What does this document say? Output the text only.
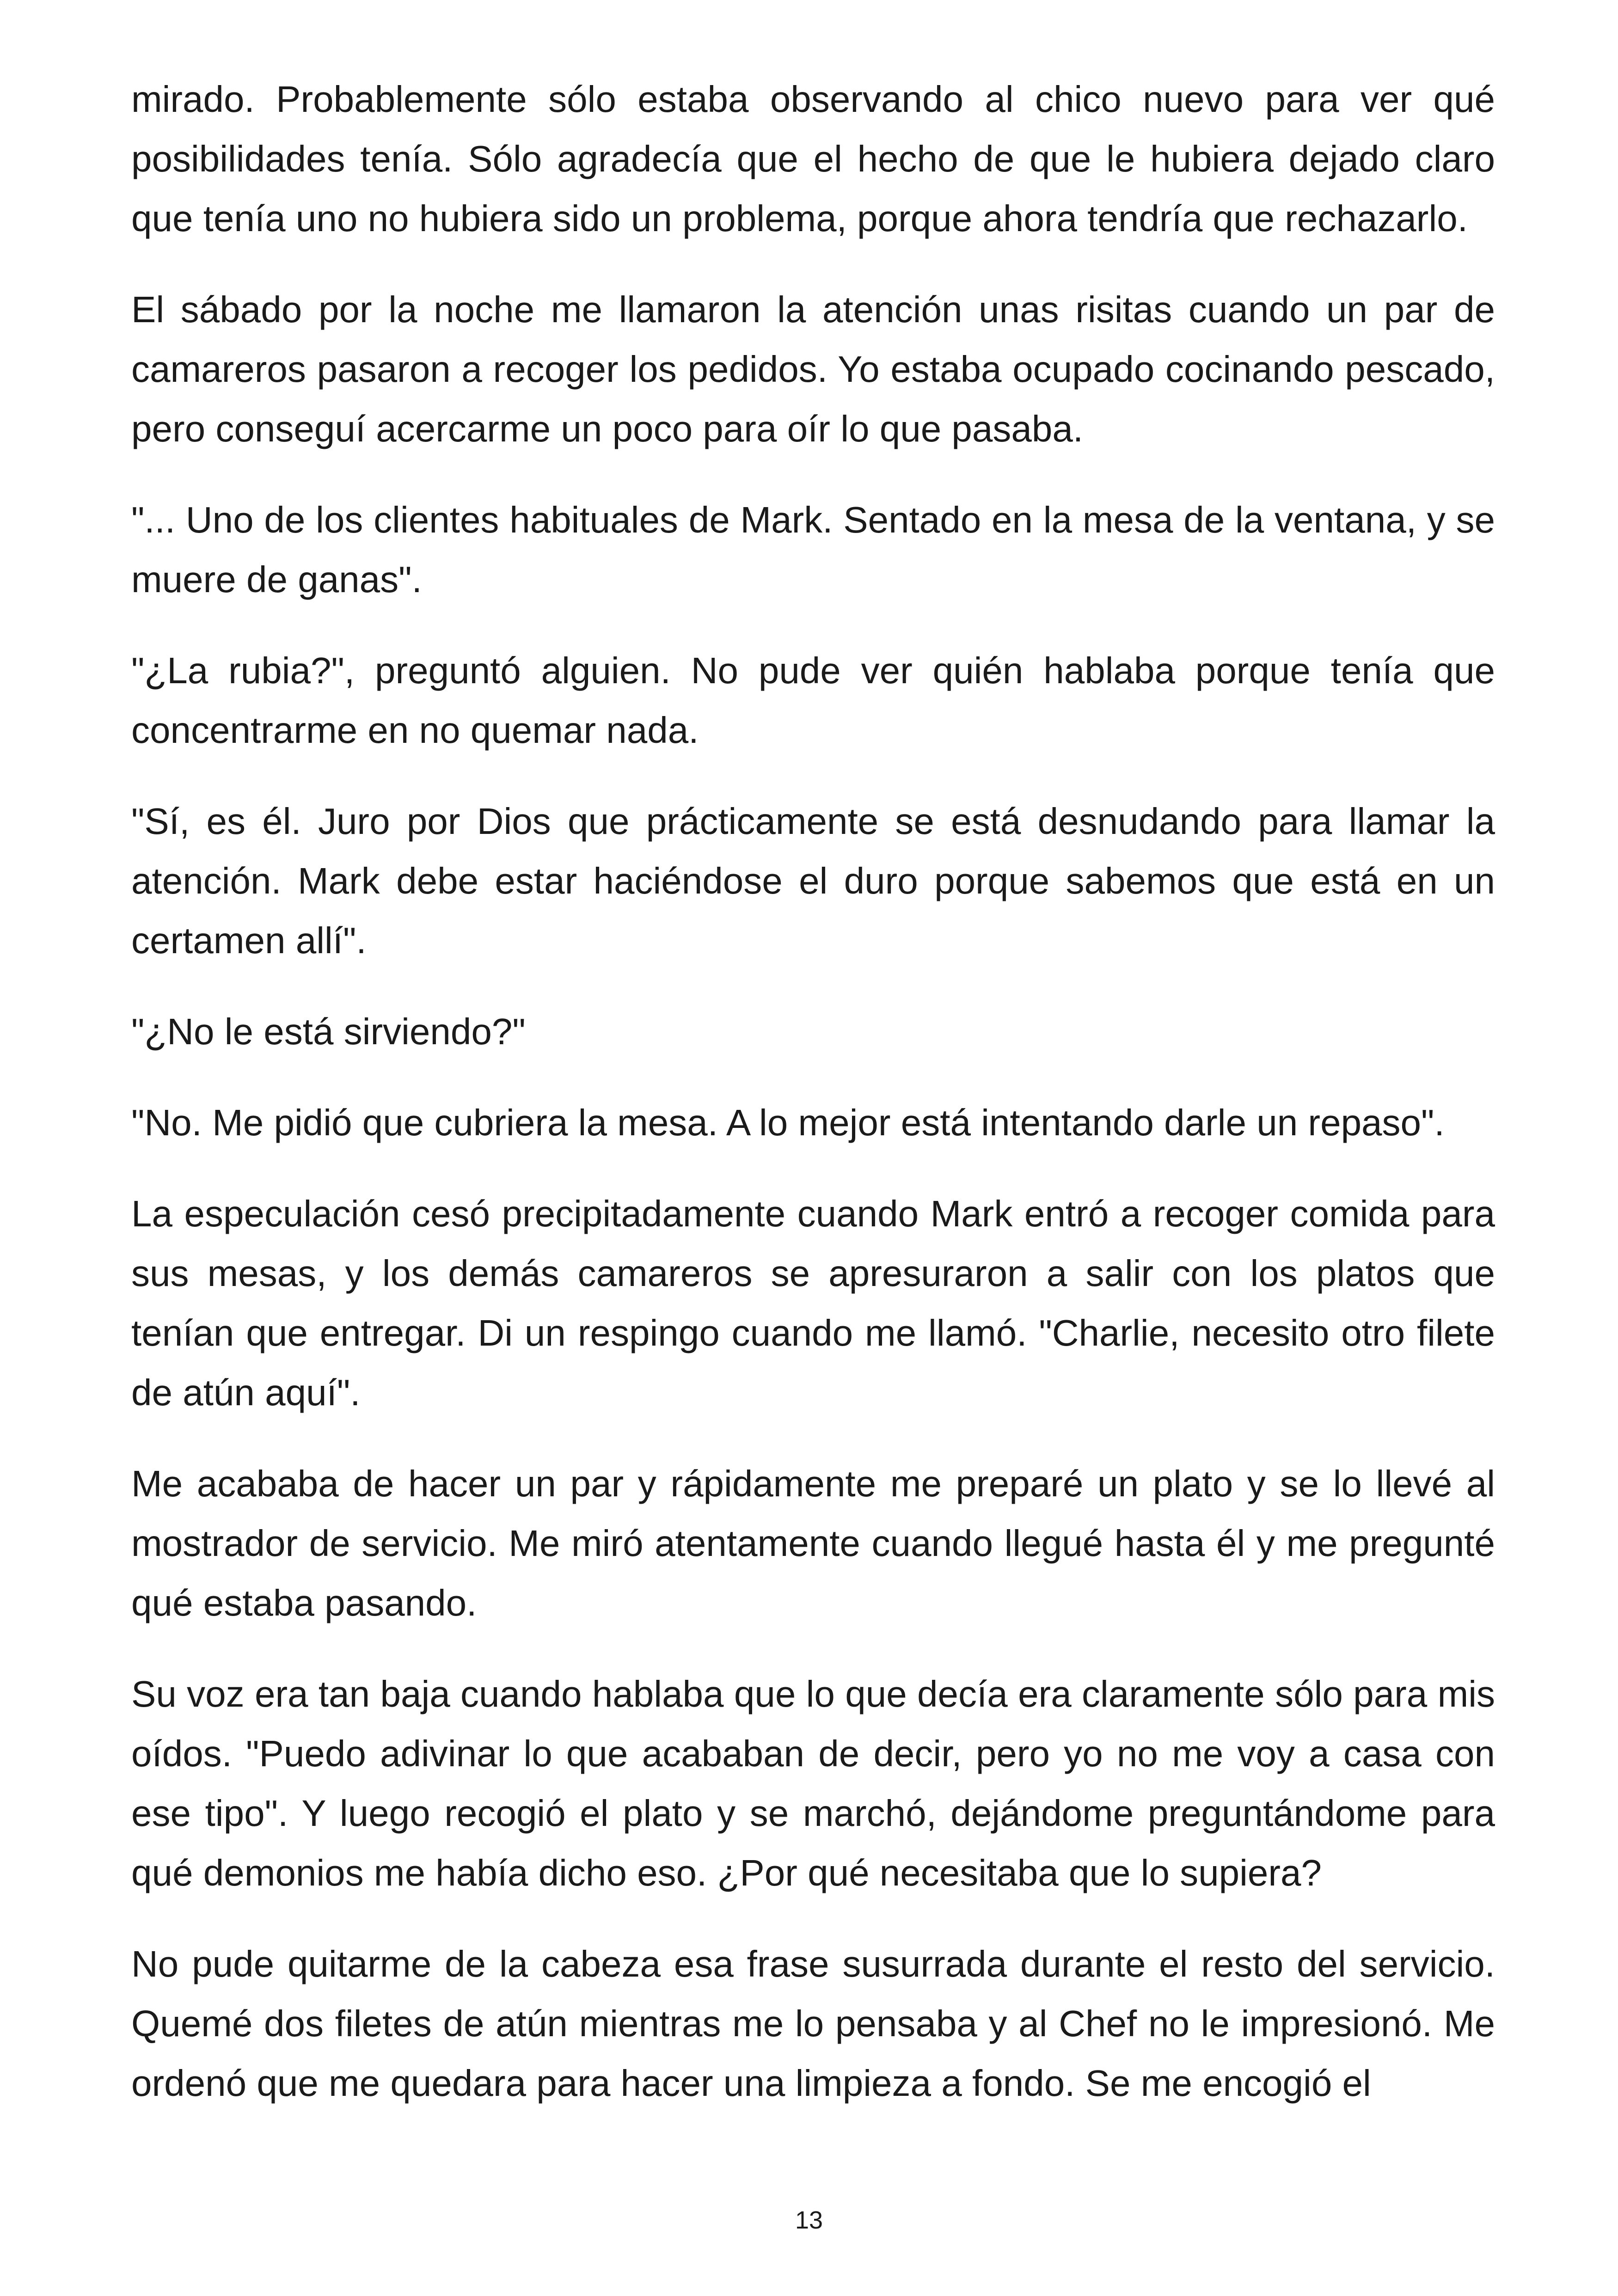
mirado. Probablemente sólo estaba observando al chico nuevo para ver qué posibilidades tenía. Sólo agradecía que el hecho de que le hubiera dejado claro que tenía uno no hubiera sido un problema, porque ahora tendría que rechazarlo.

El sábado por la noche me llamaron la atención unas risitas cuando un par de camareros pasaron a recoger los pedidos. Yo estaba ocupado cocinando pescado, pero conseguí acercarme un poco para oír lo que pasaba.

"... Uno de los clientes habituales de Mark. Sentado en la mesa de la ventana, y se muere de ganas".

"¿La rubia?", preguntó alguien. No pude ver quién hablaba porque tenía que concentrarme en no quemar nada.

"Sí, es él. Juro por Dios que prácticamente se está desnudando para llamar la atención. Mark debe estar haciéndose el duro porque sabemos que está en un certamen allí".

"¿No le está sirviendo?"

"No. Me pidió que cubriera la mesa. A lo mejor está intentando darle un repaso".

La especulación cesó precipitadamente cuando Mark entró a recoger comida para sus mesas, y los demás camareros se apresuraron a salir con los platos que tenían que entregar. Di un respingo cuando me llamó. "Charlie, necesito otro filete de atún aquí".

Me acababa de hacer un par y rápidamente me preparé un plato y se lo llevé al mostrador de servicio. Me miró atentamente cuando llegué hasta él y me pregunté qué estaba pasando.

Su voz era tan baja cuando hablaba que lo que decía era claramente sólo para mis oídos. "Puedo adivinar lo que acababan de decir, pero yo no me voy a casa con ese tipo". Y luego recogió el plato y se marchó, dejándome preguntándome para qué demonios me había dicho eso. ¿Por qué necesitaba que lo supiera?

No pude quitarme de la cabeza esa frase susurrada durante el resto del servicio. Quemé dos filetes de atún mientras me lo pensaba y al Chef no le impresionó. Me ordenó que me quedara para hacer una limpieza a fondo. Se me encogió el

13
